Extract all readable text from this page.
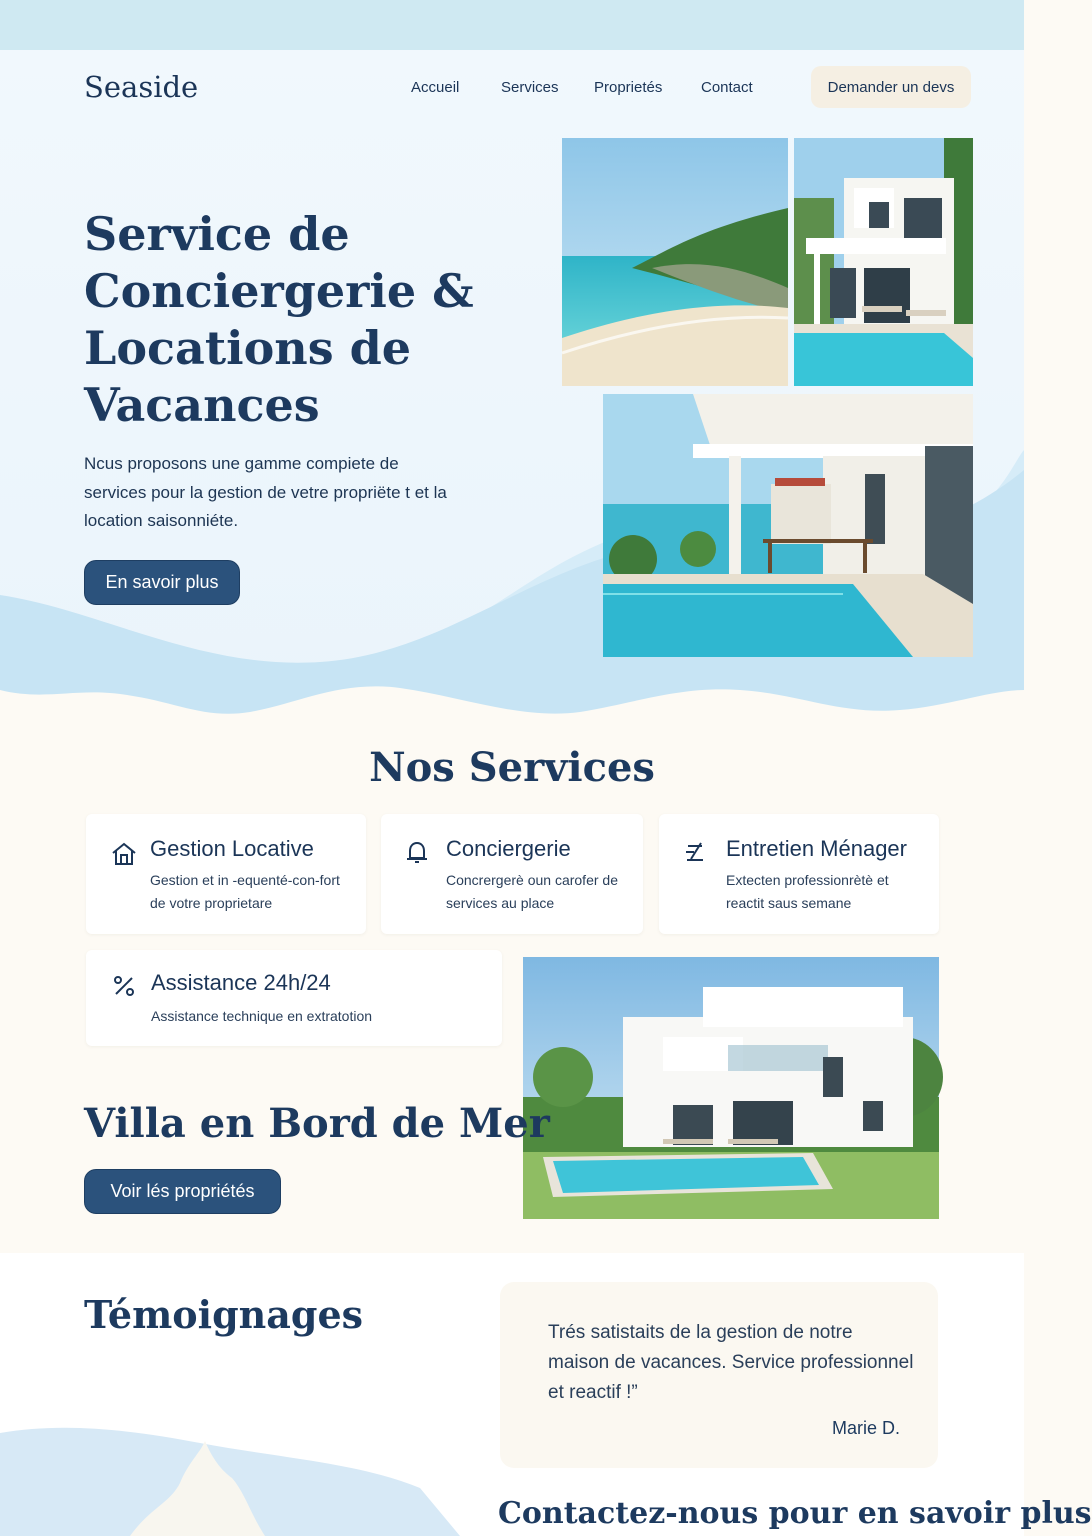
Seaside	Accueil	Services Proprietés	Contact	Demander un devs
Service de Conciergerie & Locations de Vacances

Ncus proposons une gamme compiete de services pour la gestion de vetre propriëte t et la location saisonniéte.

En savoir plus
Nos Services
Gestion Locative
Gestion et in -equenté-con-fort de votre proprietare
Conciergerie
Concrergerè oun carofer de services au place
Entretien Ménager
Extecten professionrètè et reactit saus semane
Assistance 24h/24
Assistance technique en extratotion
Villa en Bord de Mer
Voir lés propriétés
Témoignages	Trés satistaits de la gestion de notre maison de vacances. Service professionnel et reactif !”

Marie D.
Contactez-nous pour en savoir plus
